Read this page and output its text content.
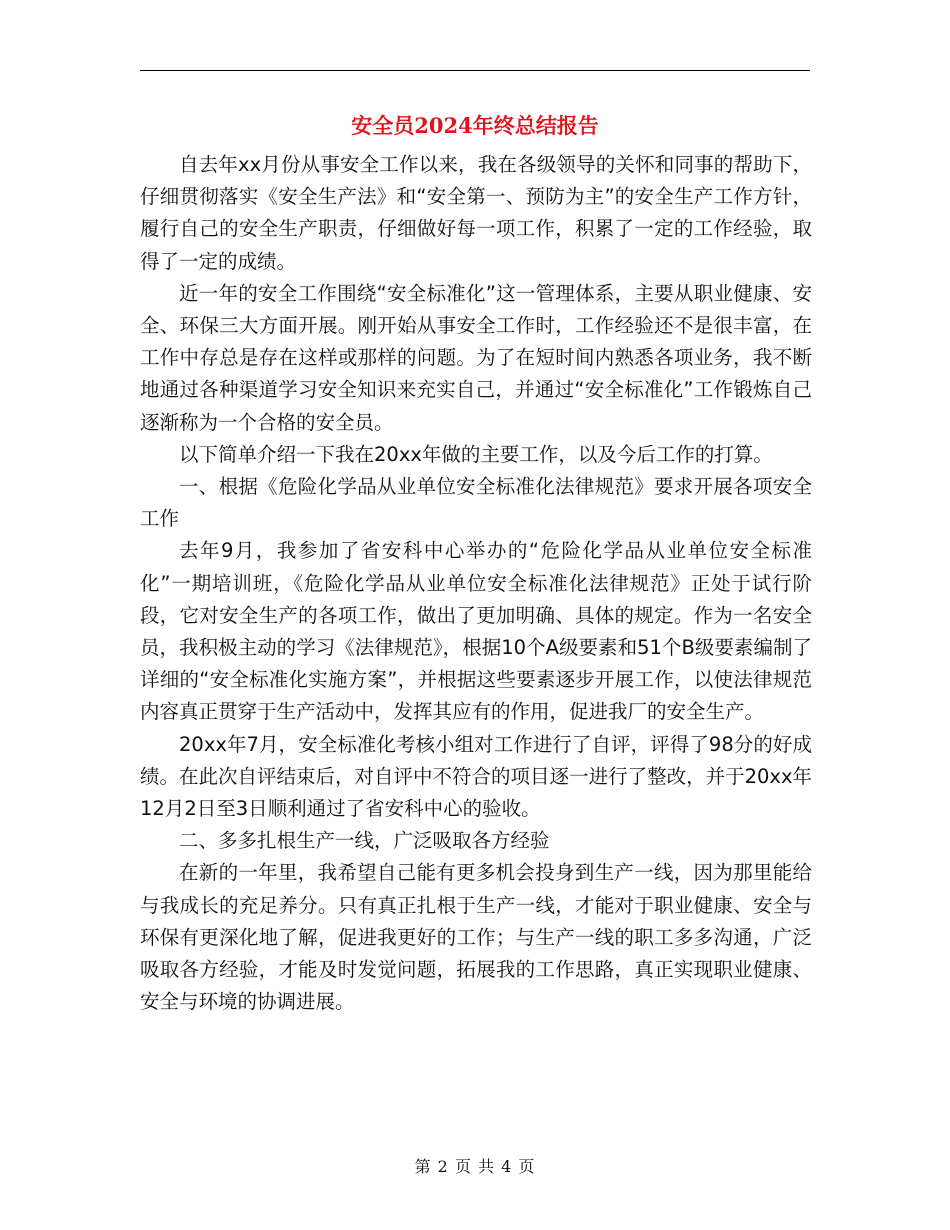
安全员2024年终总结报告

自去年xx月份从事安全工作以来，我在各级领导的关怀和同事的帮助下，仔细贯彻落实《安全生产法》和“安全第一、预防为主”的安全生产工作方针，履行自己的安全生产职责，仔细做好每一项工作，积累了一定的工作经验，取得了一定的成绩。

近一年的安全工作围绕“安全标准化”这一管理体系，主要从职业健康、安全、环保三大方面开展。刚开始从事安全工作时，工作经验还不是很丰富，在工作中存总是存在这样或那样的问题。为了在短时间内熟悉各项业务，我不断地通过各种渠道学习安全知识来充实自己，并通过“安全标准化”工作锻炼自己逐渐称为一个合格的安全员。

以下简单介绍一下我在20xx年做的主要工作，以及今后工作的打算。

一、根据《危险化学品从业单位安全标准化法律规范》要求开展各项安全工作

去年9月，我参加了省安科中心举办的“危险化学品从业单位安全标准化”一期培训班，《危险化学品从业单位安全标准化法律规范》正处于试行阶段，它对安全生产的各项工作，做出了更加明确、具体的规定。作为一名安全员，我积极主动的学习《法律规范》，根据10个A级要素和51个B级要素编制了详细的“安全标准化实施方案”，并根据这些要素逐步开展工作，以使法律规范内容真正贯穿于生产活动中，发挥其应有的作用，促进我厂的安全生产。

20xx年7月，安全标准化考核小组对工作进行了自评，评得了98分的好成绩。在此次自评结束后，对自评中不符合的项目逐一进行了整改，并于20xx年12月2日至3日顺利通过了省安科中心的验收。

二、多多扎根生产一线，广泛吸取各方经验

在新的一年里，我希望自己能有更多机会投身到生产一线，因为那里能给与我成长的充足养分。只有真正扎根于生产一线，才能对于职业健康、安全与环保有更深化地了解，促进我更好的工作；与生产一线的职工多多沟通，广泛吸取各方经验，才能及时发觉问题，拓展我的工作思路，真正实现职业健康、安全与环境的协调进展。

第 2 页 共 4 页
